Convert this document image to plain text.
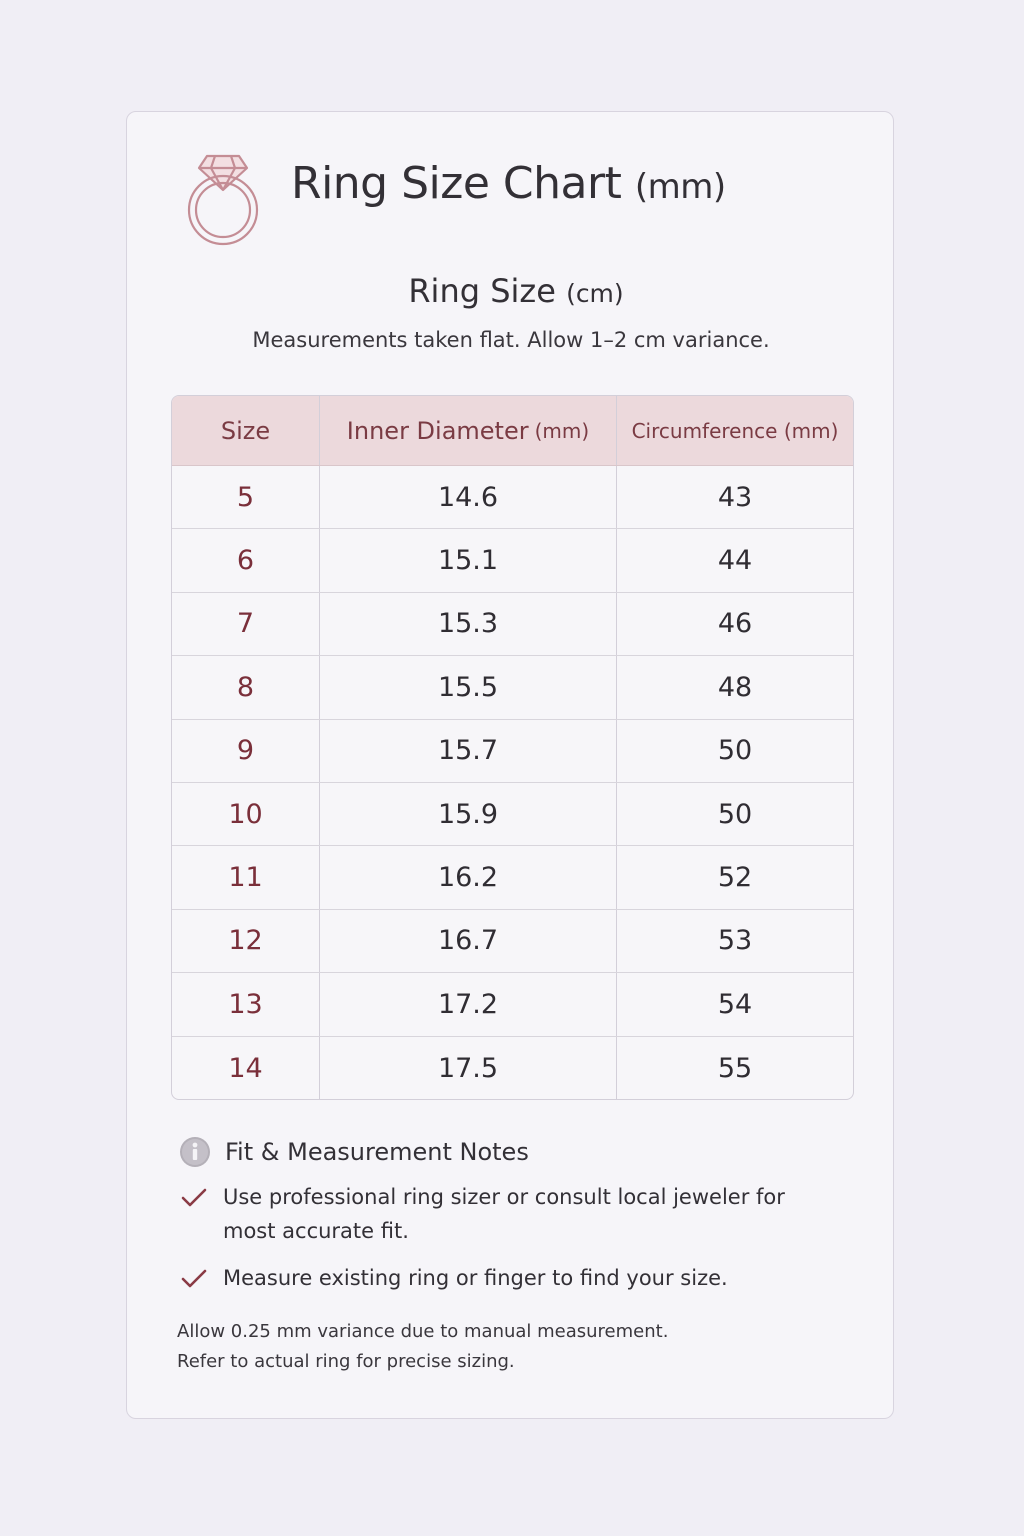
Ring Size Chart (mm)
Ring Size (cm)
Measurements taken flat. Allow 1–2 cm variance.
Size	Inner Diameter (mm)	Circumference (mm)
5	14.6	43
6	15.1	44
7	15.3	46
8	15.5	48
9	15.7	50
10	15.9	50
11	16.2	52
12	16.7	53
13	17.2	54
14	17.5	55
Fit & Measurement Notes
Use professional ring sizer or consult local jeweler for most accurate fit.
Measure existing ring or finger to find your size.
Allow 0.25 mm variance due to manual measurement.
Refer to actual ring for precise sizing.
